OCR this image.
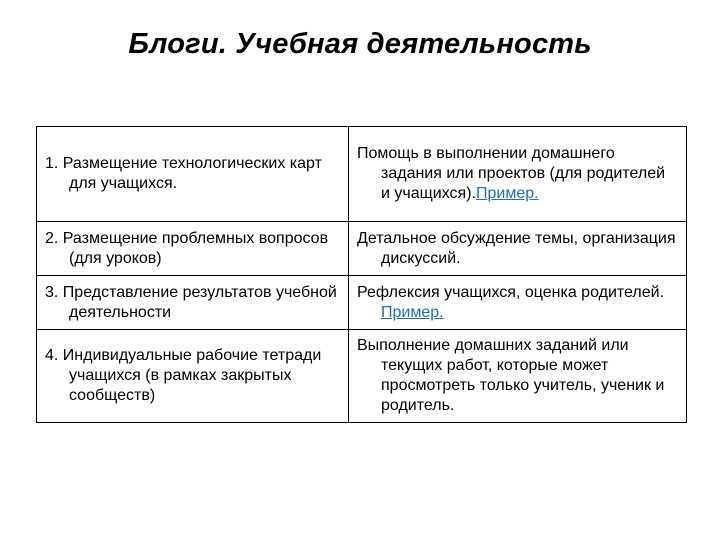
Блоги. Учебная деятельность
1. Размещение технологических карт для учащихся.	Помощь в выполнении домашнего задания или проектов (для родителей и учащихся).Пример.

2. Размещение проблемных вопросов (для уроков)	Детальное обсуждение темы, организация дискуссий.

3. Представление результатов учебной деятельности	Рефлексия учащихся, оценка родителей. Пример.

4. Индивидуальные рабочие тетради учащихся (в рамках закрытых сообществ)	Выполнение домашних заданий или текущих работ, которые может просмотреть только учитель, ученик и родитель.
